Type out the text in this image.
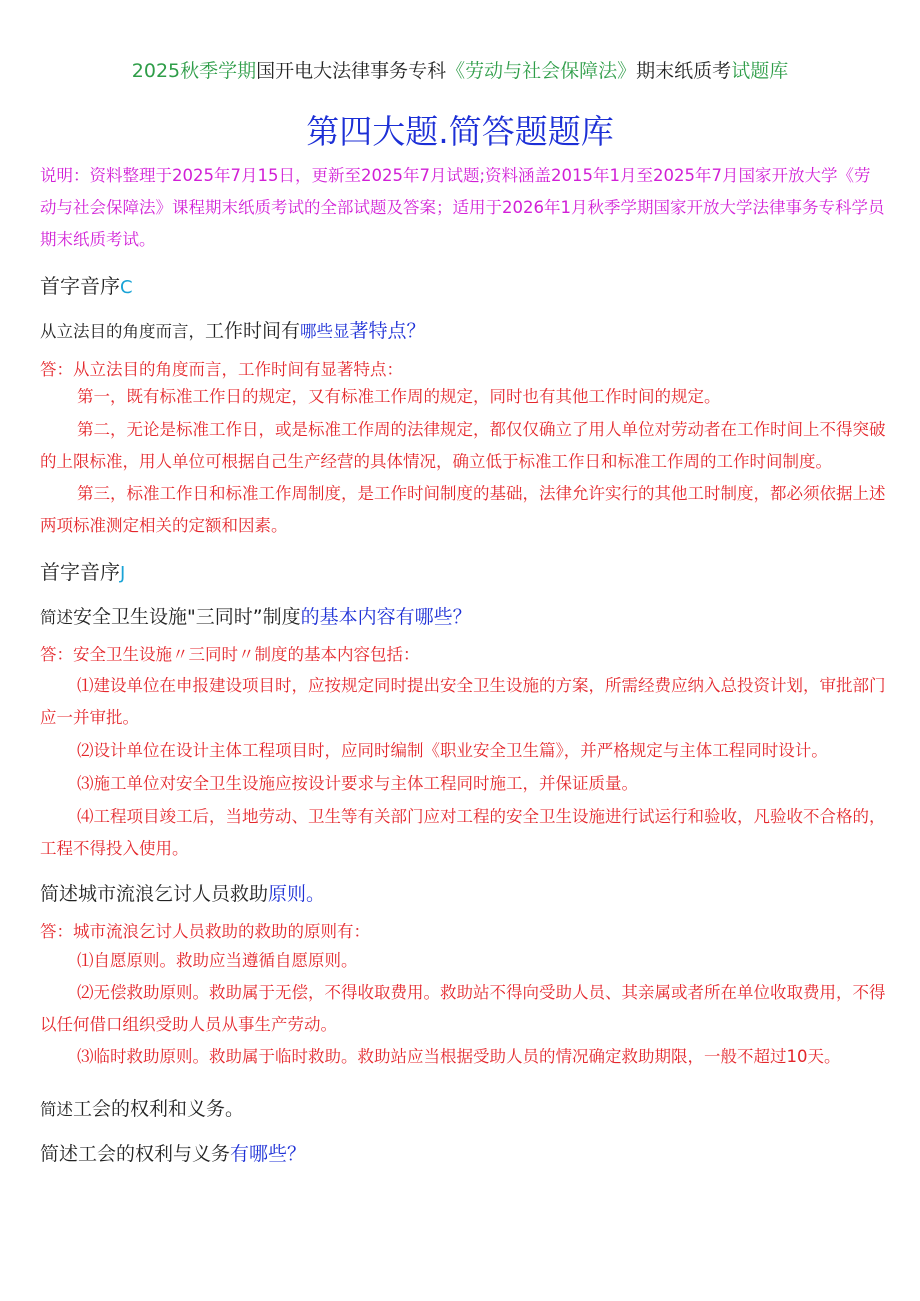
2025秋季学期国开电大法律事务专科《劳动与社会保障法》期末纸质考试题库
第四大题.简答题题库
说明：资料整理于2025年7月15日，更新至2025年7月试题;资料涵盖2015年1月至2025年7月国家开放大学《劳动与社会保障法》课程期末纸质考试的全部试题及答案；适用于2026年1月秋季学期国家开放大学法律事务专科学员期末纸质考试。
首字音序C
从立法目的角度而言，工作时间有哪些显著特点？
答：从立法目的角度而言，工作时间有显著特点：
第一，既有标准工作日的规定，又有标准工作周的规定，同时也有其他工作时间的规定。
第二，无论是标准工作日，或是标准工作周的法律规定，都仅仅确立了用人单位对劳动者在工作时间上不得突破的上限标准，用人单位可根据自己生产经营的具体情况，确立低于标准工作日和标准工作周的工作时间制度。
第三，标准工作日和标准工作周制度，是工作时间制度的基础，法律允许实行的其他工时制度，都必须依据上述两项标准测定相关的定额和因素。
首字音序J
简述安全卫生设施"三同时”制度的基本内容有哪些？
答：安全卫生设施〃三同时〃制度的基本内容包括：
⑴建设单位在申报建设项目时，应按规定同时提出安全卫生设施的方案，所需经费应纳入总投资计划，审批部门应一并审批。
⑵设计单位在设计主体工程项目时，应同时编制《职业安全卫生篇》，并严格规定与主体工程同时设计。
⑶施工单位对安全卫生设施应按设计要求与主体工程同时施工，并保证质量。
⑷工程项目竣工后，当地劳动、卫生等有关部门应对工程的安全卫生设施进行试运行和验收，凡验收不合格的，工程不得投入使用。
简述城市流浪乞讨人员救助原则。
答：城市流浪乞讨人员救助的救助的原则有：
⑴自愿原则。救助应当遵循自愿原则。
⑵无偿救助原则。救助属于无偿，不得收取费用。救助站不得向受助人员、其亲属或者所在单位收取费用，不得以任何借口组织受助人员从事生产劳动。
⑶临时救助原则。救助属于临时救助。救助站应当根据受助人员的情况确定救助期限，一般不超过10天。
简述工会的权利和义务。
简述工会的权利与义务有哪些？
